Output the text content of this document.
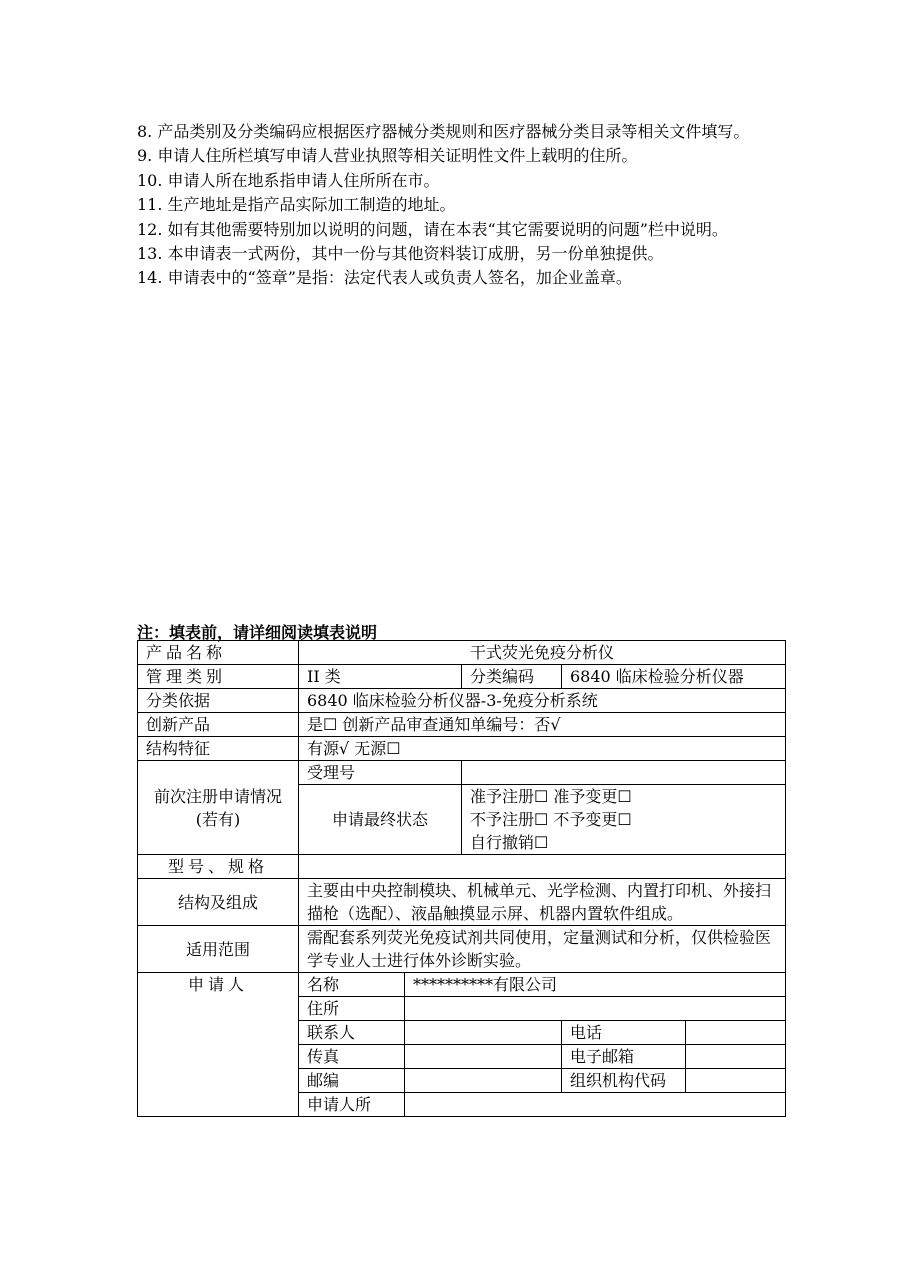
8. 产品类别及分类编码应根据医疗器械分类规则和医疗器械分类目录等相关文件填写。

9. 申请人住所栏填写申请人营业执照等相关证明性文件上载明的住所。

10. 申请人所在地系指申请人住所所在市。

11. 生产地址是指产品实际加工制造的地址。

12. 如有其他需要特别加以说明的问题，请在本表“其它需要说明的问题”栏中说明。

13. 本申请表一式两份，其中一份与其他资料装订成册，另一份单独提供。

14. 申请表中的“签章”是指：法定代表人或负责人签名，加企业盖章。

注：填表前，请详细阅读填表说明
产品名称	干式荧光免疫分析仪				
管理类别	II 类		分类编码	6840 临床检验分析仪器	
分类依据	6840 临床检验分析仪器-3-免疫分析系统				
创新产品	是☐ 创新产品审查通知单编号：否√				
结构特征	有源√ 无源☐				
前次注册申请情况(若有)	受理号				
	申请最终状态		准予注册☐ 准予变更☐
不予注册☐ 不予变更☐
自行撤销☐		

型号、规格					
结构及组成	主要由中央控制模块、机械单元、光学检测、内置打印机、外接扫描枪（选配）、液晶触摸显示屏、机器内置软件组成。				
适用范围	需配套系列荧光免疫试剂共同使用，定量测试和分析，仅供检验医学专业人士进行体外诊断实验。				
申请人	名称	**********有限公司			
	住所				
	联系人			电话	
	传真			电子邮箱	
	邮编			组织机构代码	
	申请人所				
